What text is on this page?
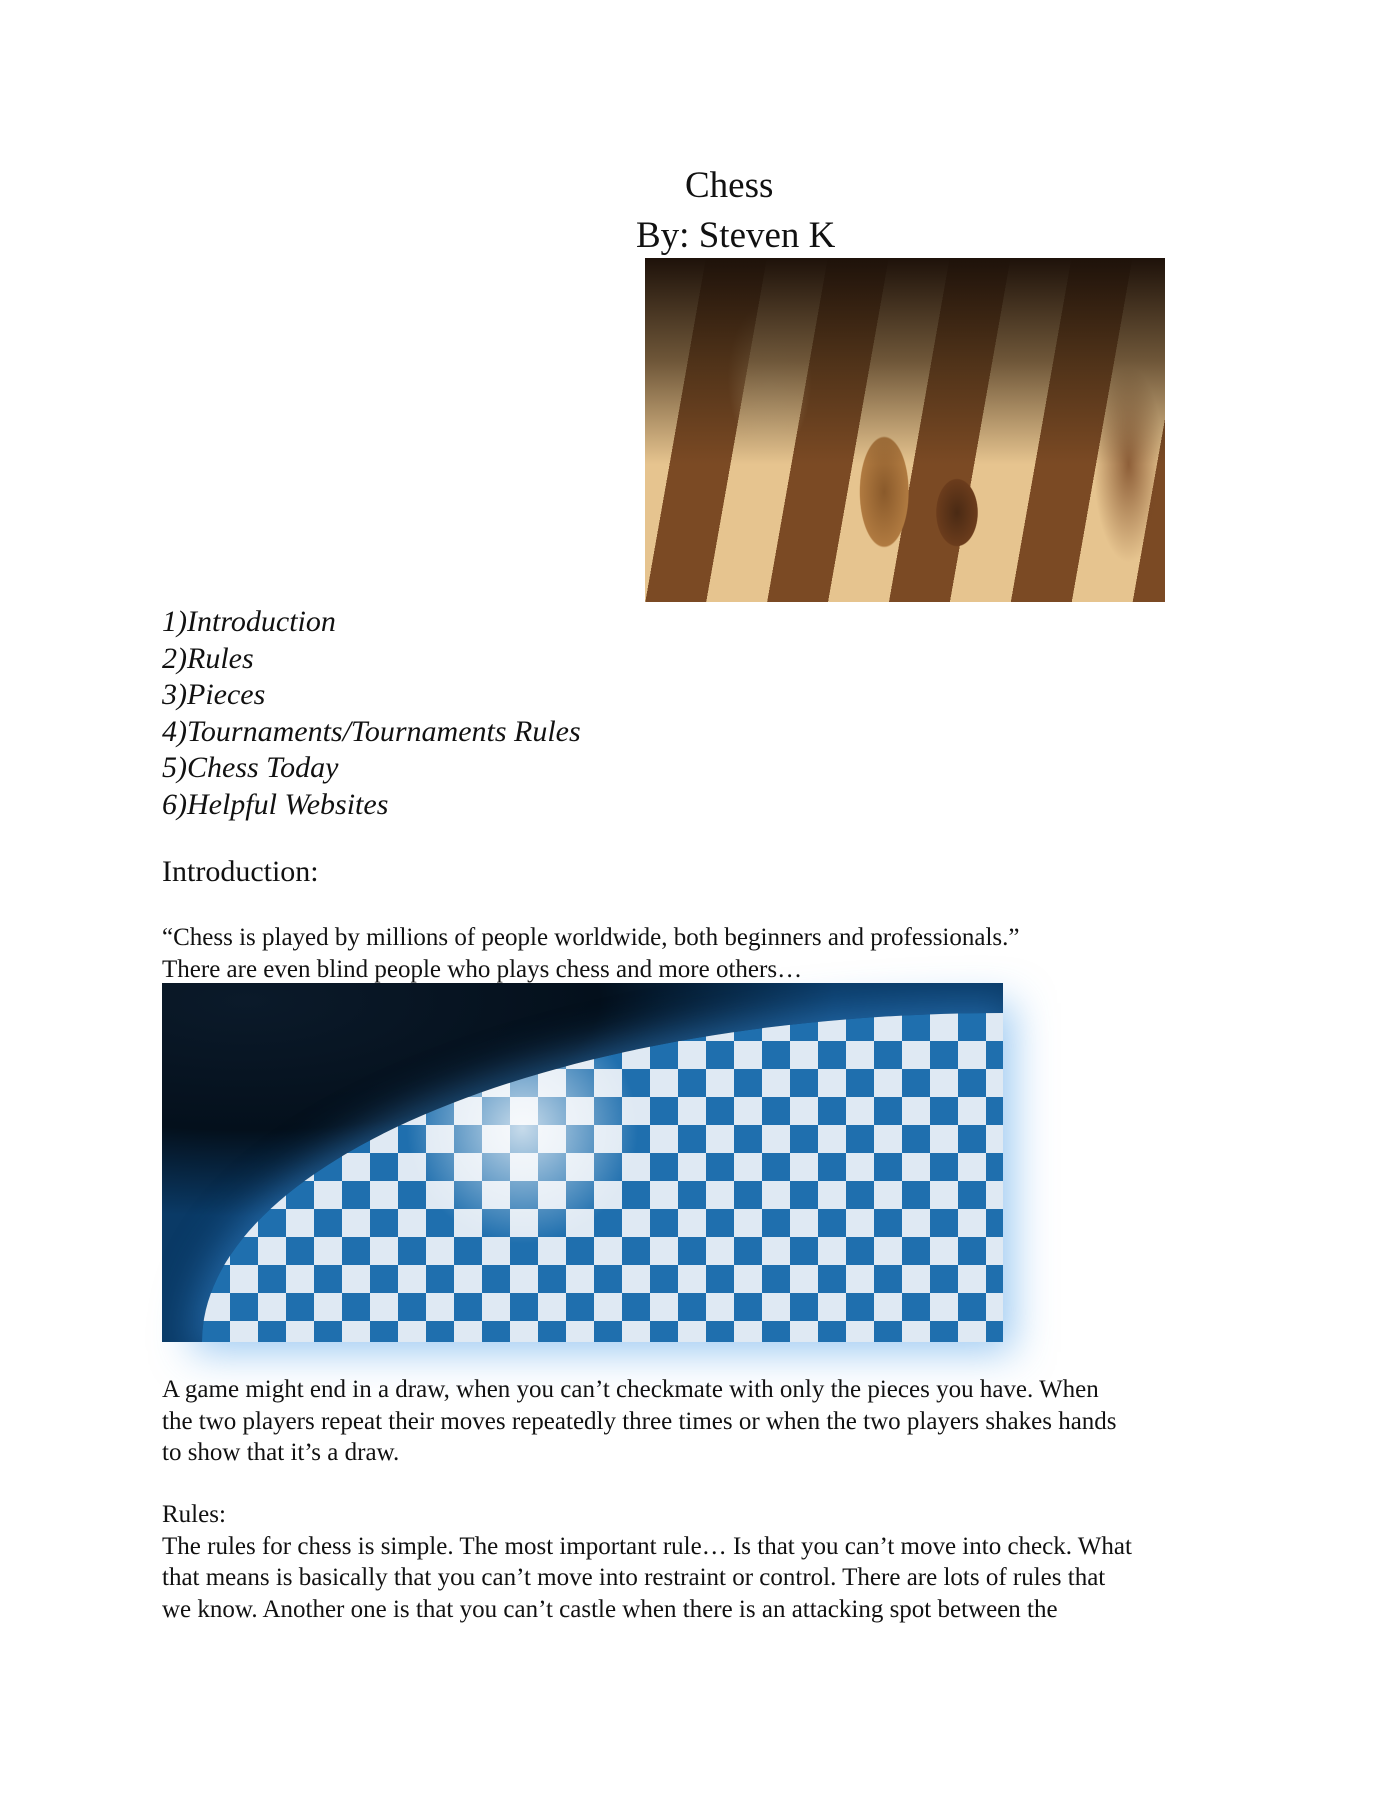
Chess
By: Steven K
1)Introduction
2)Rules
3)Pieces
4)Tournaments/Tournaments Rules
5)Chess Today
6)Helpful Websites
Introduction:
“Chess is played by millions of people worldwide, both beginners and professionals.”
There are even blind people who plays chess and more others…
A game might end in a draw, when you can’t checkmate with only the pieces you have. When
the two players repeat their moves repeatedly three times or when the two players shakes hands
to show that it’s a draw.
Rules:
The rules for chess is simple. The most important rule… Is that you can’t move into check. What
that means is basically that you can’t move into restraint or control. There are lots of rules that
we know. Another one is that you can’t castle when there is an attacking spot between the
